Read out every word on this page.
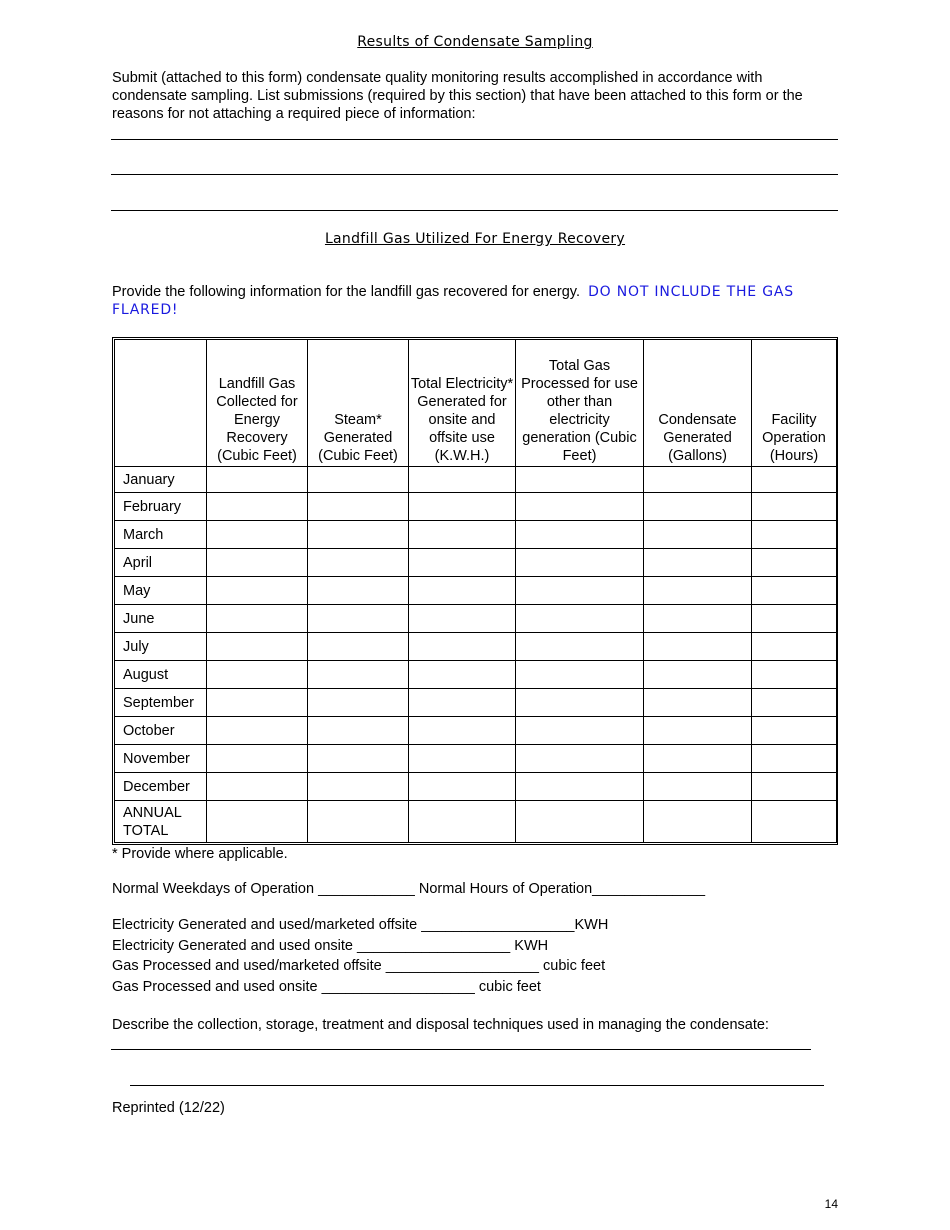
Results of Condensate Sampling
Submit (attached to this form) condensate quality monitoring results accomplished in accordance with condensate sampling. List submissions (required by this section) that have been attached to this form or the reasons for not attaching a required piece of information:
Landfill Gas Utilized For Energy Recovery
Provide the following information for the landfill gas recovered for energy. DO NOT INCLUDE THE GAS FLARED!
	Landfill Gas Collected for Energy Recovery (Cubic Feet)	Steam* Generated (Cubic Feet)	Total Electricity* Generated for onsite and offsite use (K.W.H.)	Total Gas Processed for use other than electricity generation (Cubic Feet)	Condensate Generated (Gallons)	Facility Operation (Hours)
January						
February						
March						
April						
May						
June						
July						
August						
September						
October						
November						
December						
ANNUAL TOTAL						
* Provide where applicable.
Normal Weekdays of Operation ____________ Normal Hours of Operation______________
Electricity Generated and used/marketed offsite ___________________KWH
Electricity Generated and used onsite ___________________ KWH
Gas Processed and used/marketed offsite ___________________ cubic feet
Gas Processed and used onsite ___________________ cubic feet
Describe the collection, storage, treatment and disposal techniques used in managing the condensate:
Reprinted (12/22)
14
